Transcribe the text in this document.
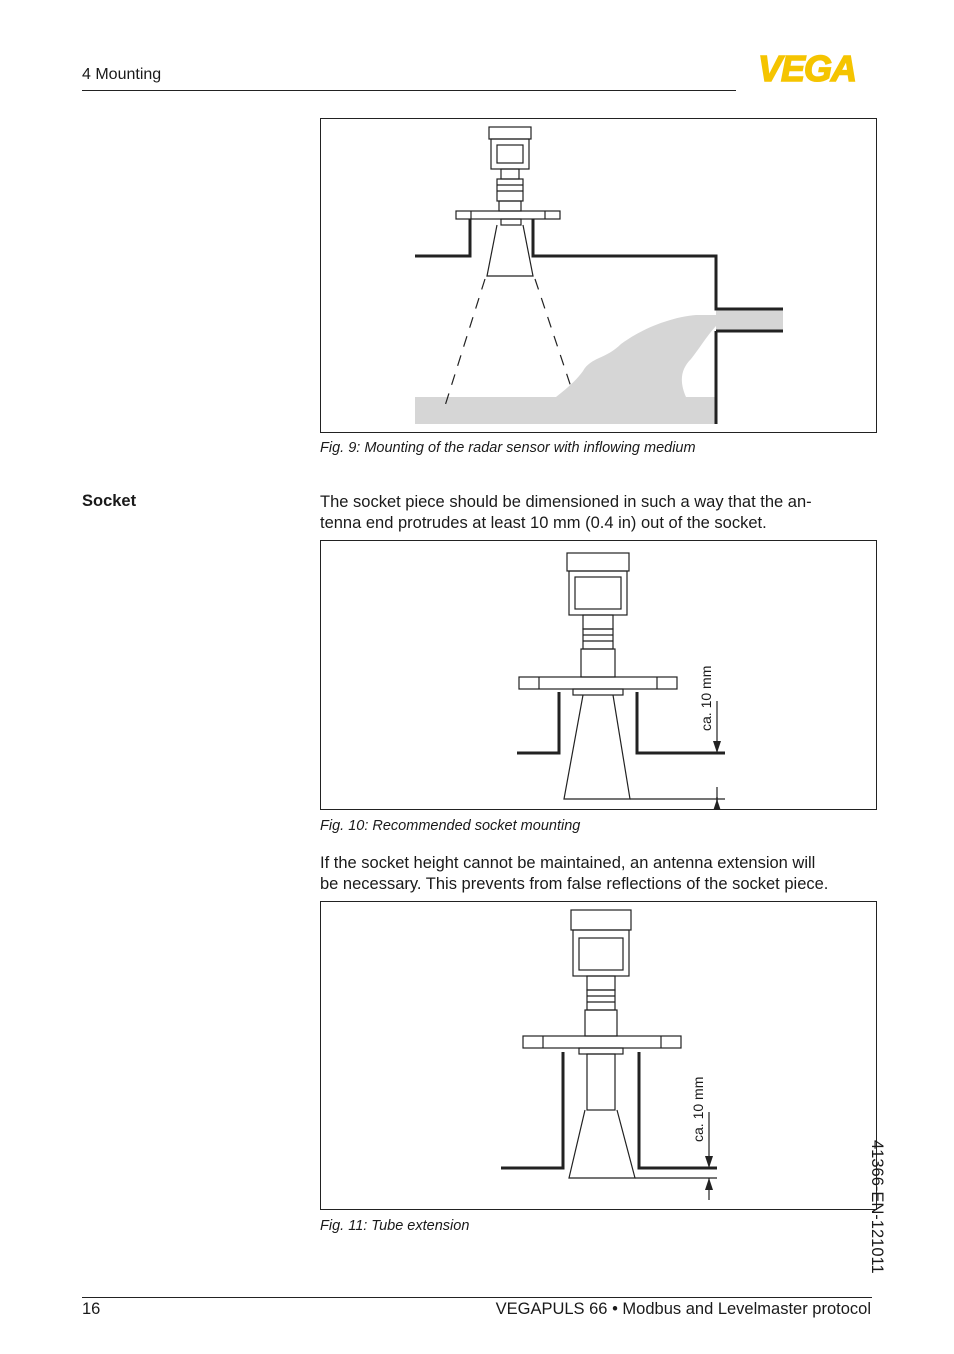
4 Mounting	VEGA
Fig. 9: Mounting of the radar sensor with inflowing medium
Socket	The socket piece should be dimensioned in such a way that the an-

tenna end protrudes at least 10 mm (0.4 in) out of the socket.

ca. 10 mm
Fig. 10: Recommended socket mounting

If the socket height cannot be maintained, an antenna extension will

be necessary. This prevents from false reflections of the socket piece.

ca. 10 mm
Fig. 11: Tube extension	41366-EN-121011
16	VEGAPULS 66 • Modbus and Levelmaster protocol
